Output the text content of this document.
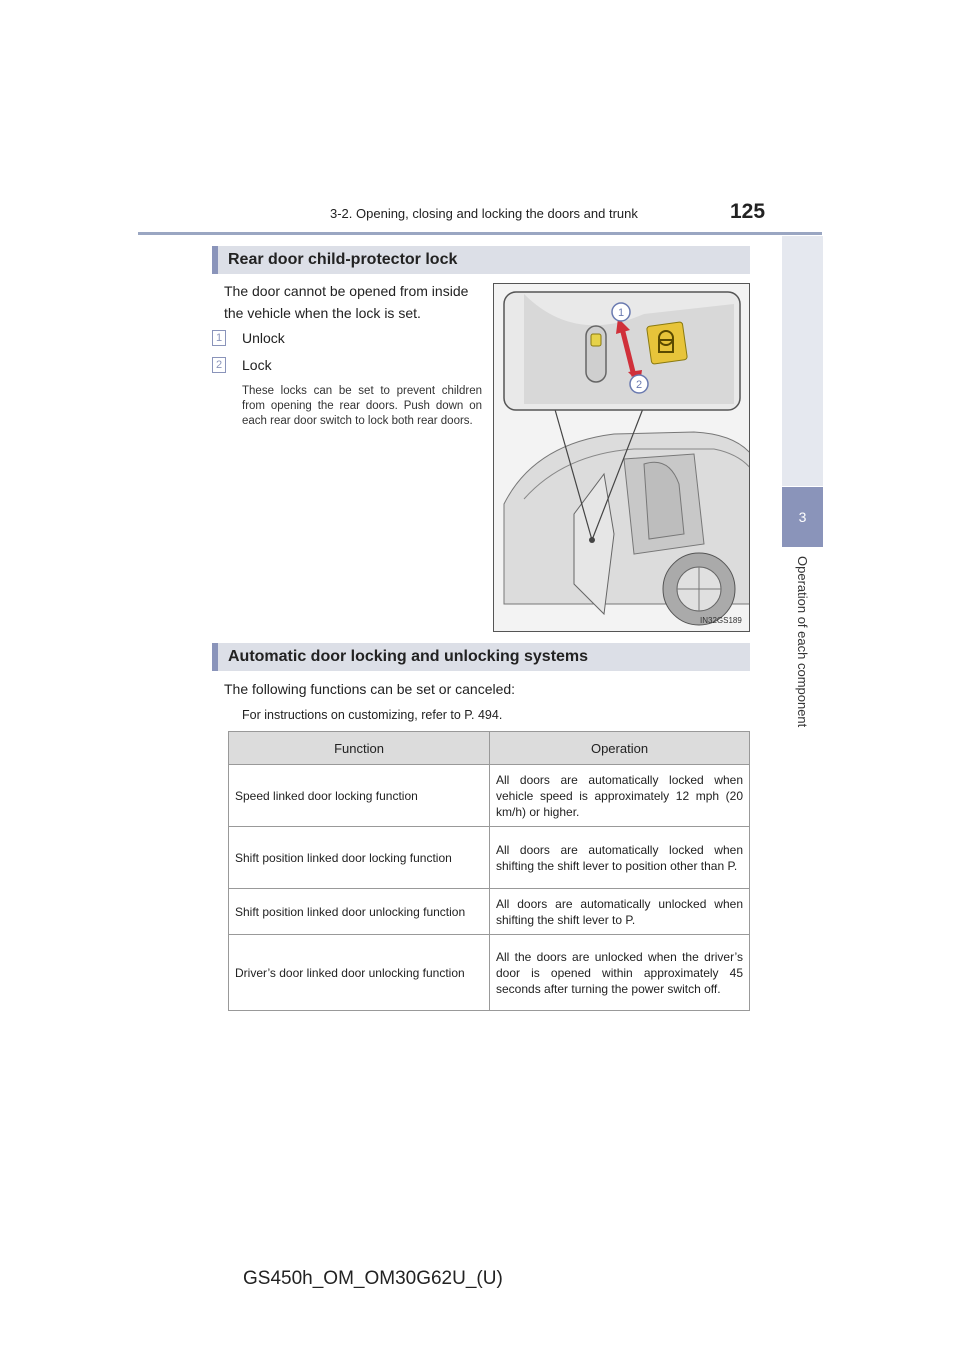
3-2. Opening, closing and locking the doors and trunk	125
3
Operation of each component
Rear door child-protector lock
The door cannot be opened from inside the vehicle when the lock is set.
1 Unlock
2 Lock
These locks can be set to prevent children from opening the rear doors. Push down on each rear door switch to lock both rear doors.
1
2
IN32GS189
Automatic door locking and unlocking systems
The following functions can be set or canceled:
For instructions on customizing, refer to P. 494.
Function	Operation
Speed linked door locking function	All doors are automatically locked when vehicle speed is approximately 12 mph (20 km/h) or higher.
Shift position linked door locking function	All doors are automatically locked when shifting the shift lever to position other than P.
Shift position linked door unlocking function	All doors are automatically unlocked when shifting the shift lever to P.
Driver’s door linked door unlocking function	All the doors are unlocked when the driver’s door is opened within approximately 45 seconds after turning the power switch off.
GS450h_OM_OM30G62U_(U)
